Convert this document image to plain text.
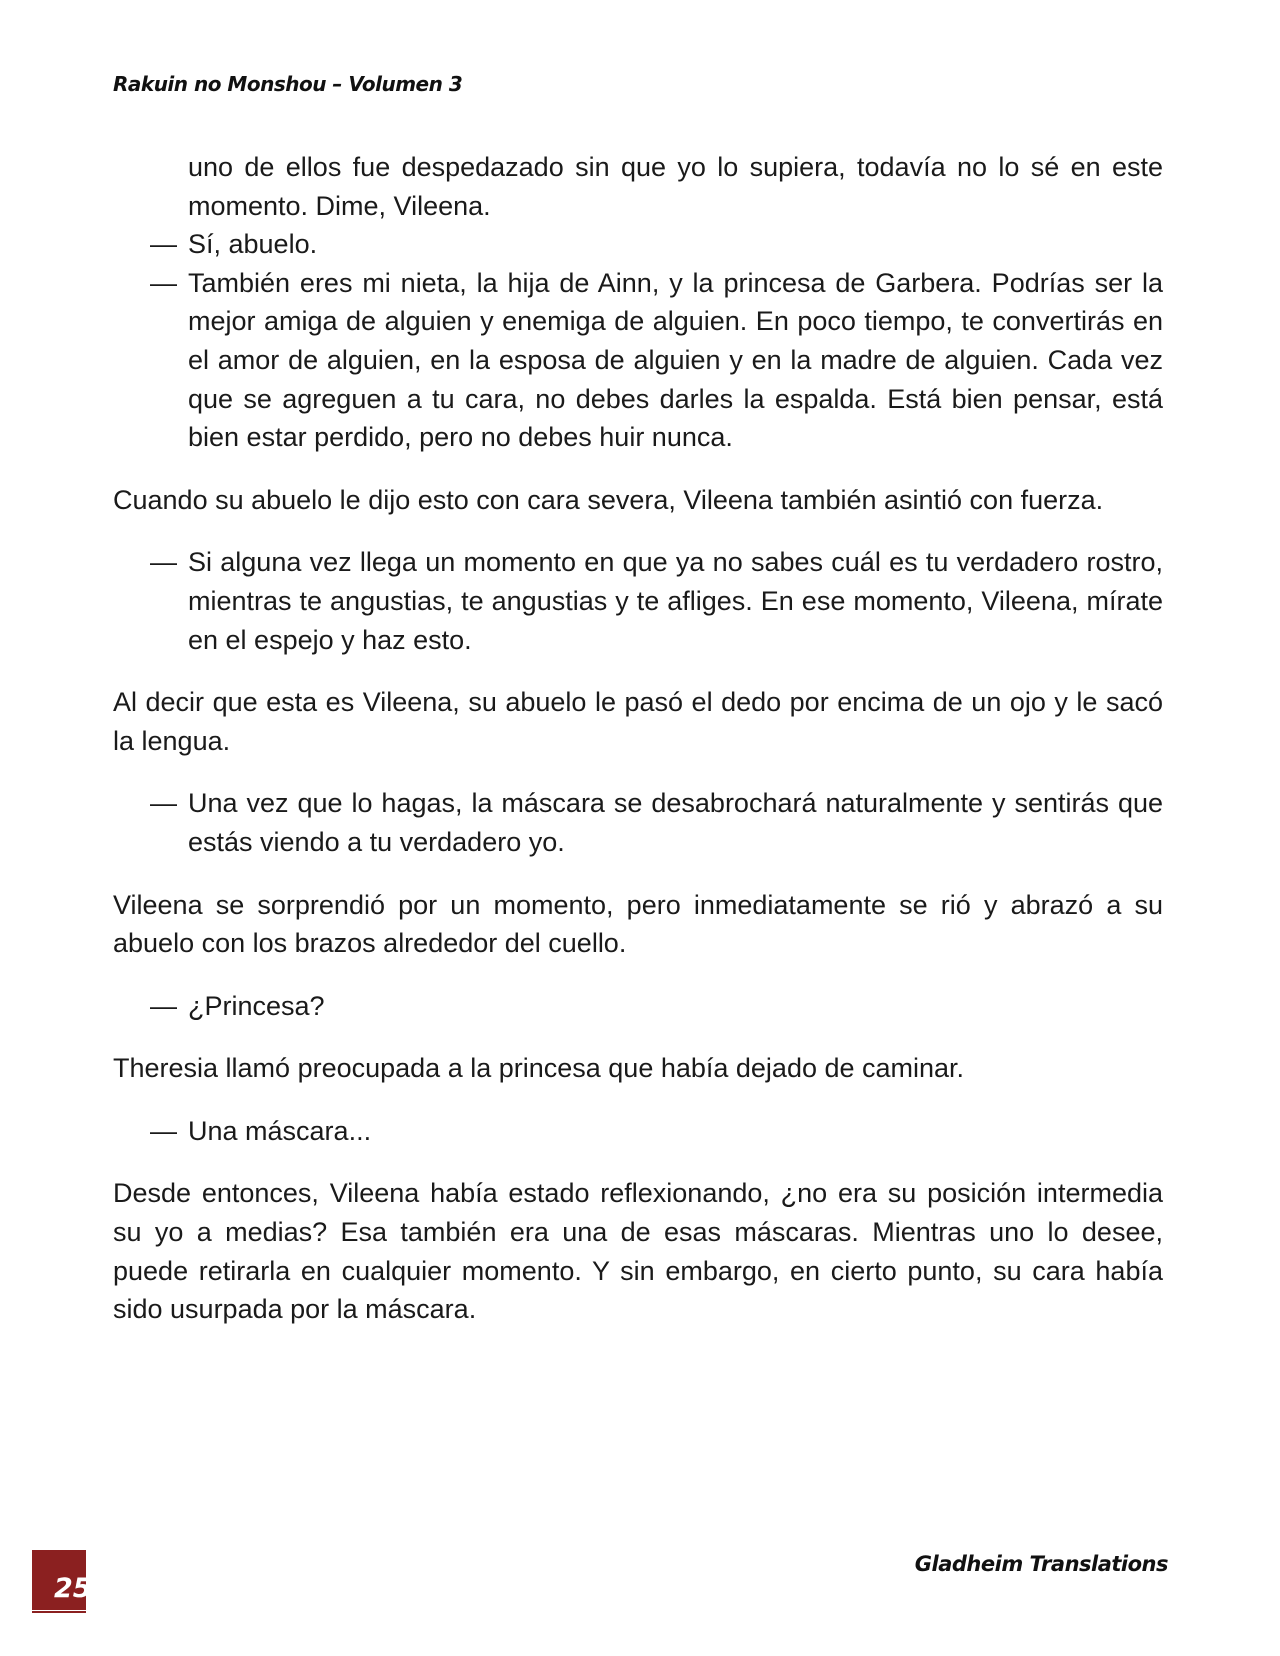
Rakuin no Monshou – Volumen 3
uno de ellos fue despedazado sin que yo lo supiera, todavía no lo sé en este momento. Dime, Vileena.
— Sí, abuelo.
— También eres mi nieta, la hija de Ainn, y la princesa de Garbera. Podrías ser la mejor amiga de alguien y enemiga de alguien. En poco tiempo, te convertirás en el amor de alguien, en la esposa de alguien y en la madre de alguien. Cada vez que se agreguen a tu cara, no debes darles la espalda. Está bien pensar, está bien estar perdido, pero no debes huir nunca.
Cuando su abuelo le dijo esto con cara severa, Vileena también asintió con fuerza.
— Si alguna vez llega un momento en que ya no sabes cuál es tu verdadero rostro, mientras te angustias, te angustias y te afliges. En ese momento, Vileena, mírate en el espejo y haz esto.
Al decir que esta es Vileena, su abuelo le pasó el dedo por encima de un ojo y le sacó la lengua.
— Una vez que lo hagas, la máscara se desabrochará naturalmente y sentirás que estás viendo a tu verdadero yo.
Vileena se sorprendió por un momento, pero inmediatamente se rió y abrazó a su abuelo con los brazos alrededor del cuello.
— ¿Princesa?
Theresia llamó preocupada a la princesa que había dejado de caminar.
— Una máscara...
Desde entonces, Vileena había estado reflexionando, ¿no era su posición intermedia su yo a medias? Esa también era una de esas máscaras. Mientras uno lo desee, puede retirarla en cualquier momento. Y sin embargo, en cierto punto, su cara había sido usurpada por la máscara.
25
Gladheim Translations
